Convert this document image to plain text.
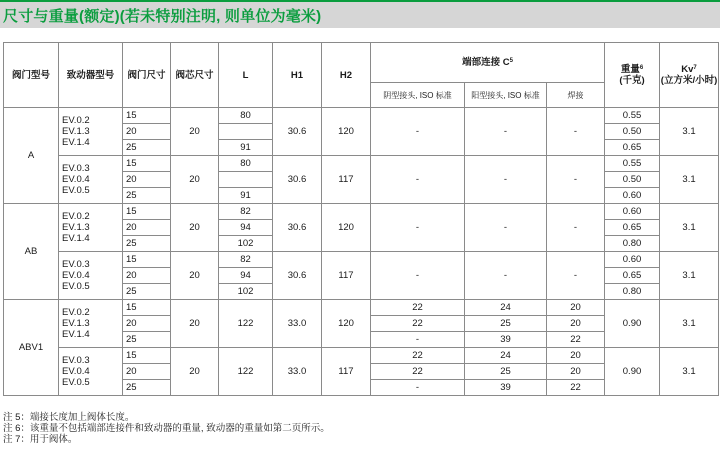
尺寸与重量(额定)(若未特别注明, 则单位为毫米)
阀门型号	致动器型号	阀门尺寸	阀芯尺寸	L	H1	H2	端部连接 $C^5$			重量$^6$
(千克)	Kv$^7$
(立方米/小时)
							阴型接头, ISO 标准	阳型接头, ISO 标准	焊接		
A	EV.0.2
EV.1.3
EV.1.4	15	20	80	30.6	120	-	-	-	0.55	3.1
		20								0.50	
		25		91						0.65	

	EV.0.3
EV.0.4
EV.0.5	15	20	80	30.6	117	-	-	-	0.55	3.1
		20								0.50	
		25		91						0.60	
AB	EV.0.2
EV.1.3
EV.1.4	15	20	82	30.6	120	-	-	-	0.60	3.1
		20		94						0.65	
		25		102						0.80	

	EV.0.3
EV.0.4
EV.0.5	15	20	82	30.6	117	-	-	-	0.60	3.1
		20		94						0.65	
		25		102						0.80	
ABV1	EV.0.2
EV.1.3
EV.1.4	15	20	122	33.0	120	22	24	20	0.90	3.1
		20					22	25	20		
		25					-	39	22		

	EV.0.3
EV.0.4
EV.0.5	15	20	122	33.0	117	22	24	20	0.90	3.1
		20					22	25	20		
		25					-	39	22		
注 5：端接长度加上阀体长度。
注 6：该重量不包括端部连接件和致动器的重量, 致动器的重量如第二页所示。
注 7：用于阀体。
